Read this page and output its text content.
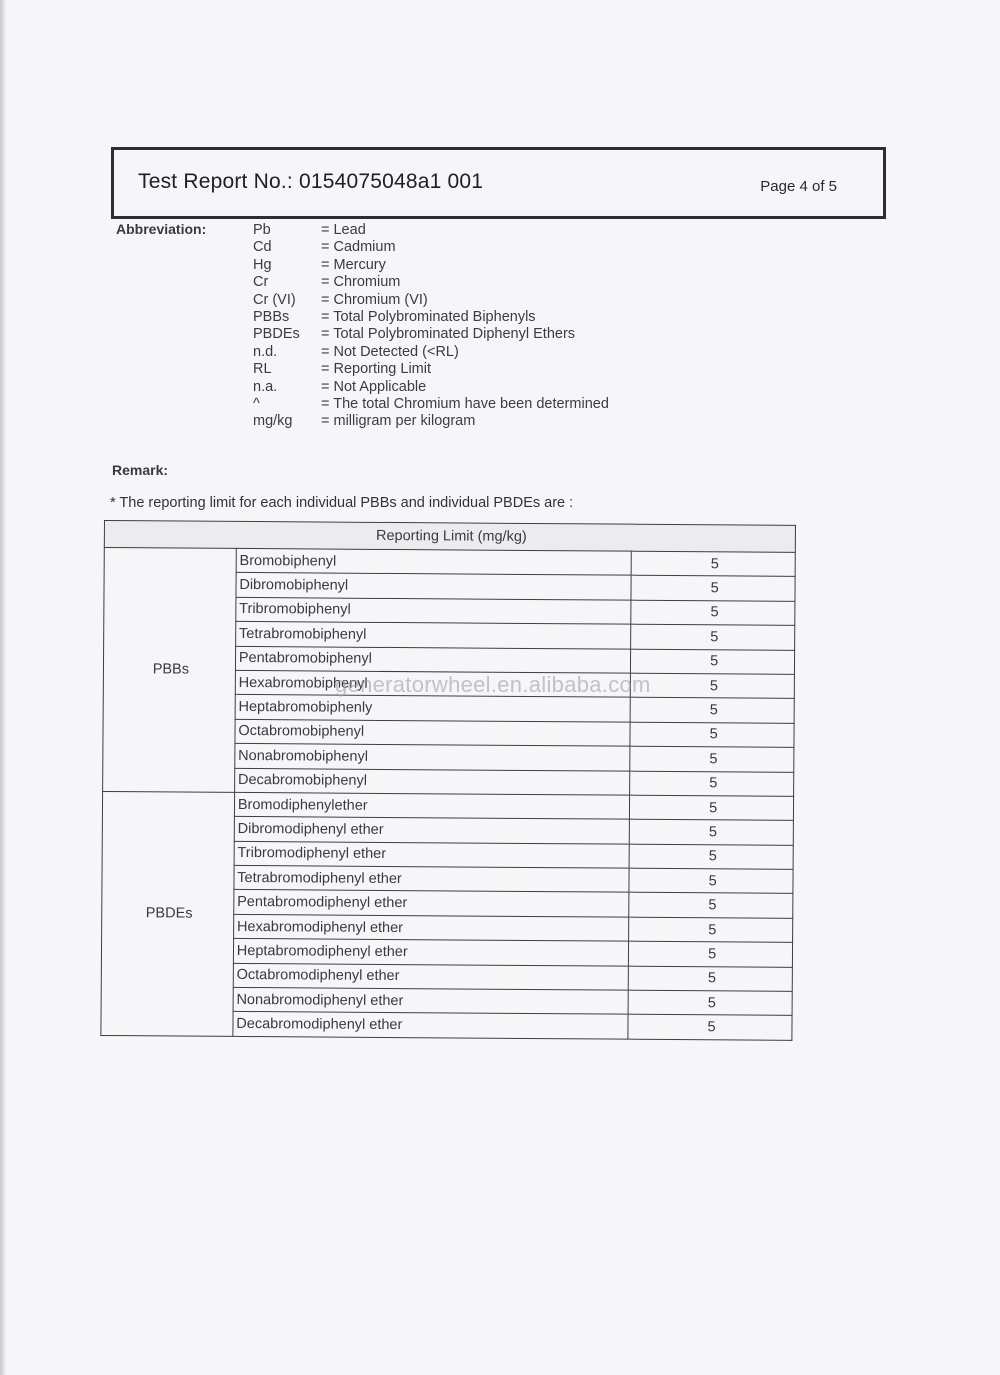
Test Report No.: 0154075048a1 001	Page 4 of 5
Abbreviation:	Pb	= Lead
Cd	= Cadmium
Hg	= Mercury
Cr	= Chromium
Cr (VI) = Chromium (VI)
PBBs = Total Polybrominated Biphenyls
PBDEs = Total Polybrominated Diphenyl Ethers
n.d.	= Not Detected (<RL)
RL	= Reporting Limit
n.a.	= Not Applicable
^	= The total Chromium have been determined
mg/kg = milligram per kilogram
Remark:
* The reporting limit for each individual PBBs and individual PBDEs are :
Reporting Limit (mg/kg)		
PBBs	Bromobiphenyl	5
	Dibromobiphenyl	5
	Tribromobiphenyl	5
	Tetrabromobiphenyl	5
	Pentabromobiphenyl	5
	Hexabromobiphenyl	5
	Heptabromobiphenly	5
	Octabromobiphenyl	5
	Nonabromobiphenyl	5
	Decabromobiphenyl	5
PBDEs	Bromodiphenylether	5
	Dibromodiphenyl ether	5
	Tribromodiphenyl ether	5
	Tetrabromodiphenyl ether	5
	Pentabromodiphenyl ether	5
	Hexabromodiphenyl ether	5
	Heptabromodiphenyl ether	5
	Octabromodiphenyl ether	5
	Nonabromodiphenyl ether	5
	Decabromodiphenyl ether	5
generatorwheel.en.alibaba.com
